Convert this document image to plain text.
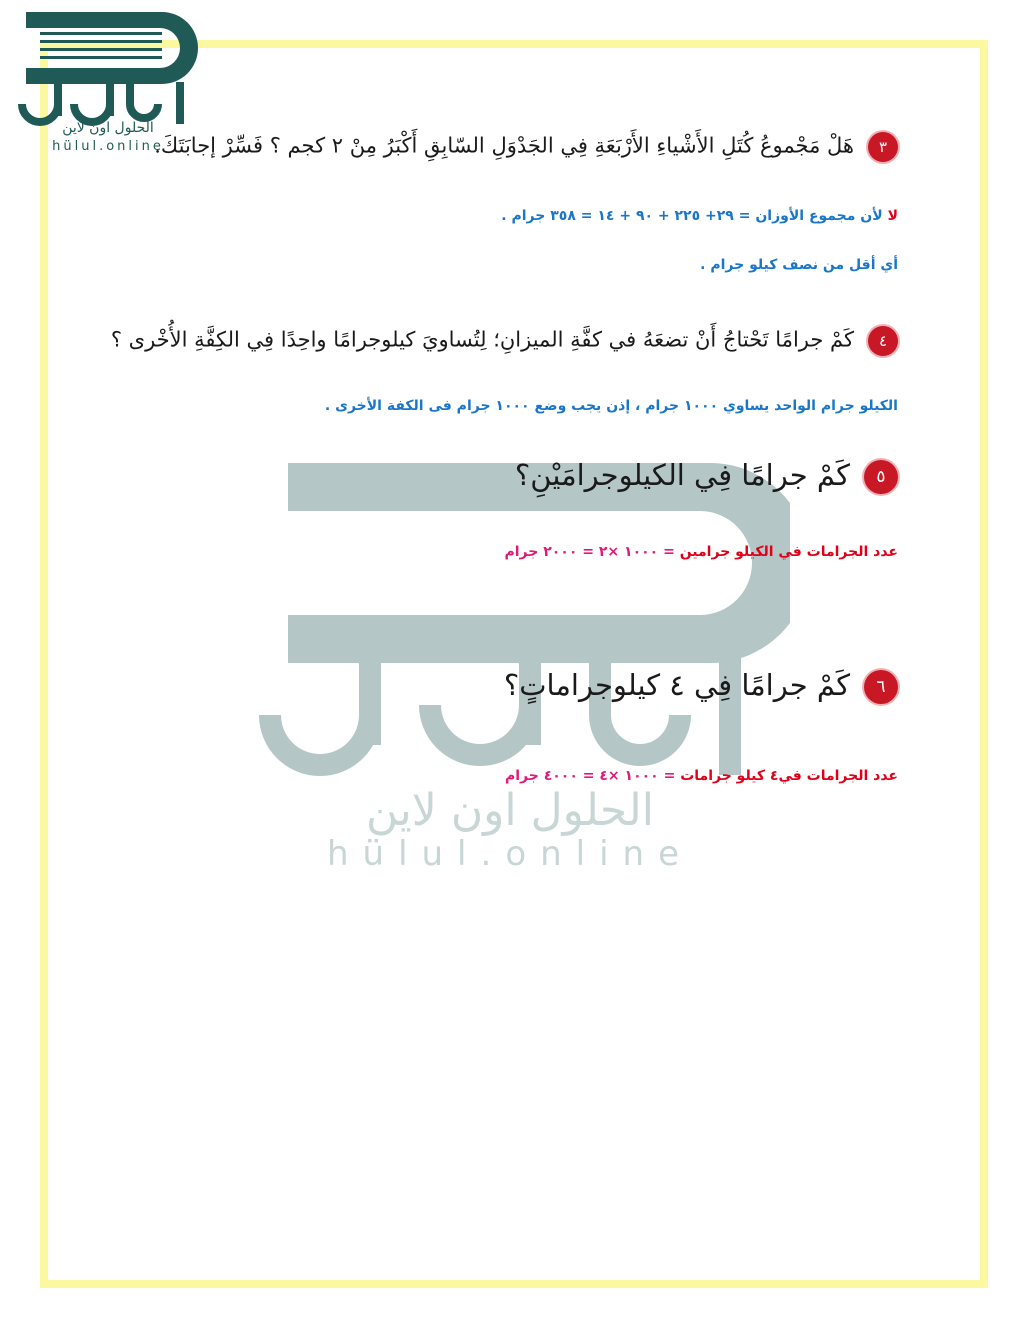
الحلول اون لاين
hülul.online
الحلول اون لاين
hülul.online	٣هَلْ مَجْموعُ كُتَلِ الأَشْياءِ الأَرْبَعَةِ فِي الجَدْوَلِ السّابِقِ أَكْبَرُ مِنْ ٢ كجم ؟ فَسِّرْ إجابَتَكَ.
لا لأن مجموع الأوزان = ٢٩+ ٢٢٥ + ٩٠ + ١٤ = ٣٥٨ جرام .
أي أقل من نصف كيلو جرام .
٤كَمْ جرامًا تَحْتاجُ أَنْ تضعَهُ في كفَّةِ الميزانِ؛ لِتُساويَ كيلوجرامًا واحِدًا فِي الكِفَّةِ الأُخْرى ؟
الكيلو جرام الواحد يساوي ١٠٠٠ جرام ، إذن يجب وضع ١٠٠٠ جرام فى الكفة الأخرى .
٥كَمْ جرامًا فِي الكيلوجرامَيْنِ؟
عدد الجرامات في الكيلو جرامين = ١٠٠٠ ×٢ = ٢٠٠٠ جرام
٦كَمْ جرامًا فِي ٤ كيلوجراماتٍ؟
عدد الجرامات في٤ كيلو جرامات = ١٠٠٠ ×٤ = ٤٠٠٠ جرام
